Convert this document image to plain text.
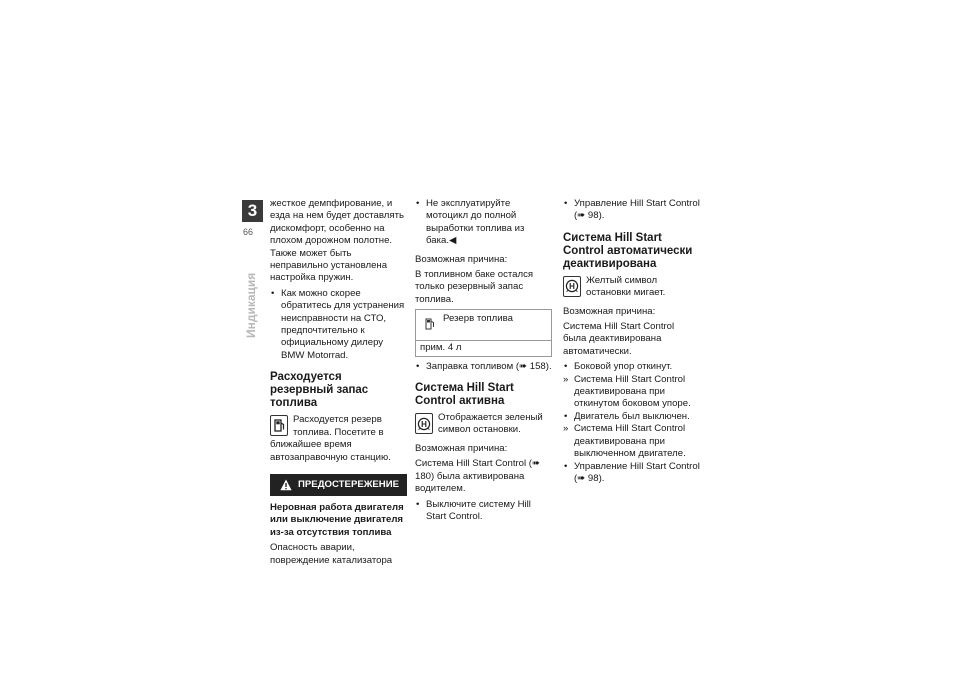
3
66
Индикация

жесткое демпфирование, и езда на нем будет доставлять дискомфорт, особенно на плохом дорожном полотне. Также может быть неправильно установлена настройка пружин.

• Как можно скорее обратитесь для устранения неисправности на СТО, предпочтительно к официальному дилеру BMW Motorrad.

Расходуется резервный запас топлива
Расходуется резерв топлива. Посетите в ближайшее время автозаправочную станцию.
ПРЕДОСТЕРЕЖЕНИЕ

Неровная работа двигателя или выключение двигателя из-за отсутствия топлива

Опасность аварии, повреждение катализатора

• Не эксплуатируйте мотоцикл до полной выработки топлива из бака.◀

Возможная причина:

В топливном баке остался только резервный запас топлива.

Резерв топлива
прим. 4 л

• Заправка топливом (➠ 158).

Система Hill Start Control активна
H
Отображается зеленый символ остановки.

Возможная причина:

Система Hill Start Control (➠ 180) была активирована водителем.

• Выключите систему Hill Start Control.

• Управление Hill Start Control (➠ 98).

Система Hill Start Control автоматически деактивирована
H
Желтый символ остановки мигает.

Возможная причина:

Система Hill Start Control была деактивирована автоматически.

• Боковой упор откинут.

» Система Hill Start Control деактивирована при откинутом боковом упоре.

• Двигатель был выключен.

» Система Hill Start Control деактивирована при выключенном двигателе.

• Управление Hill Start Control (➠ 98).
